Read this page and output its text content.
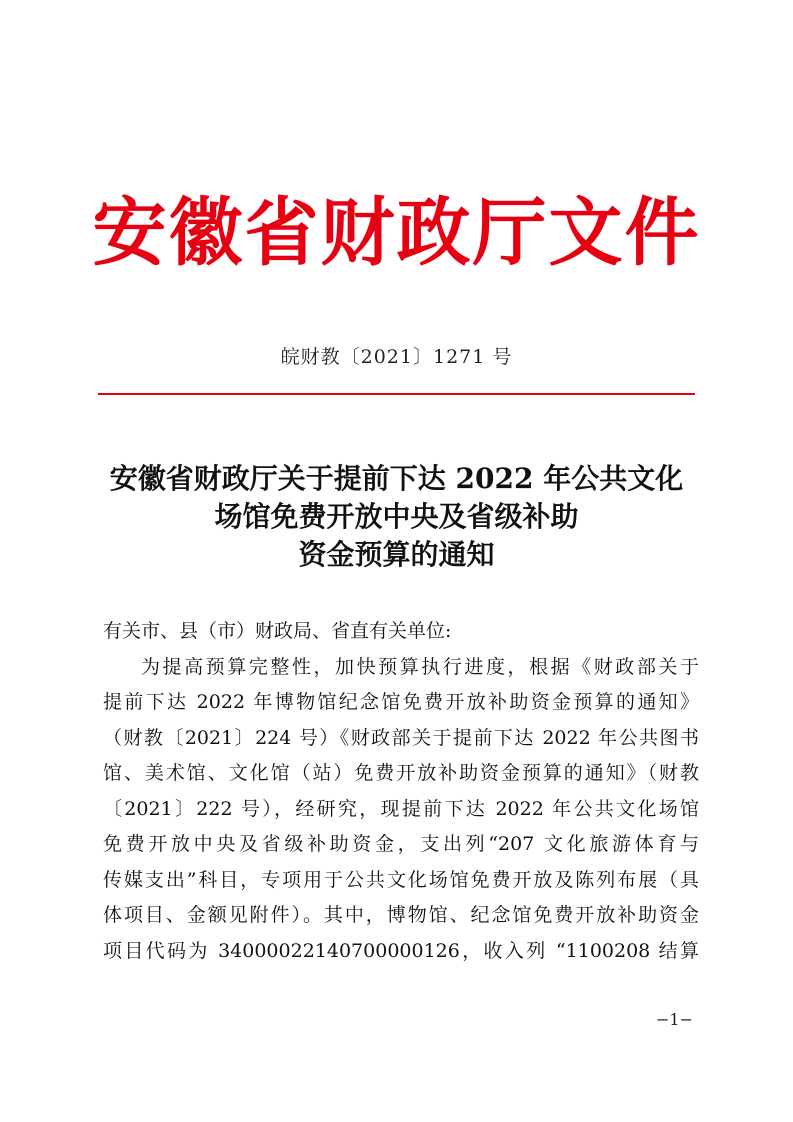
安徽省财政厅文件
皖财教〔2021〕1271 号
安徽省财政厅关于提前下达 2022 年公共文化
场馆免费开放中央及省级补助
资金预算的通知
有关市、县（市）财政局、省直有关单位:
为提高预算完整性，加快预算执行进度，根据《财政部关于
提前下达 2022 年博物馆纪念馆免费开放补助资金预算的通知》
（财教〔2021〕224 号）《财政部关于提前下达 2022 年公共图书
馆、美术馆、文化馆（站）免费开放补助资金预算的通知》（财教
〔2021〕222 号），经研究，现提前下达 2022 年公共文化场馆
免费开放中央及省级补助资金，支出列“207 文化旅游体育与
传媒支出”科目，专项用于公共文化场馆免费开放及陈列布展（具
体项目、金额见附件）。其中，博物馆、纪念馆免费开放补助资金
项目代码为 34000022140700000126，收入列 “1100208 结算
−1−
